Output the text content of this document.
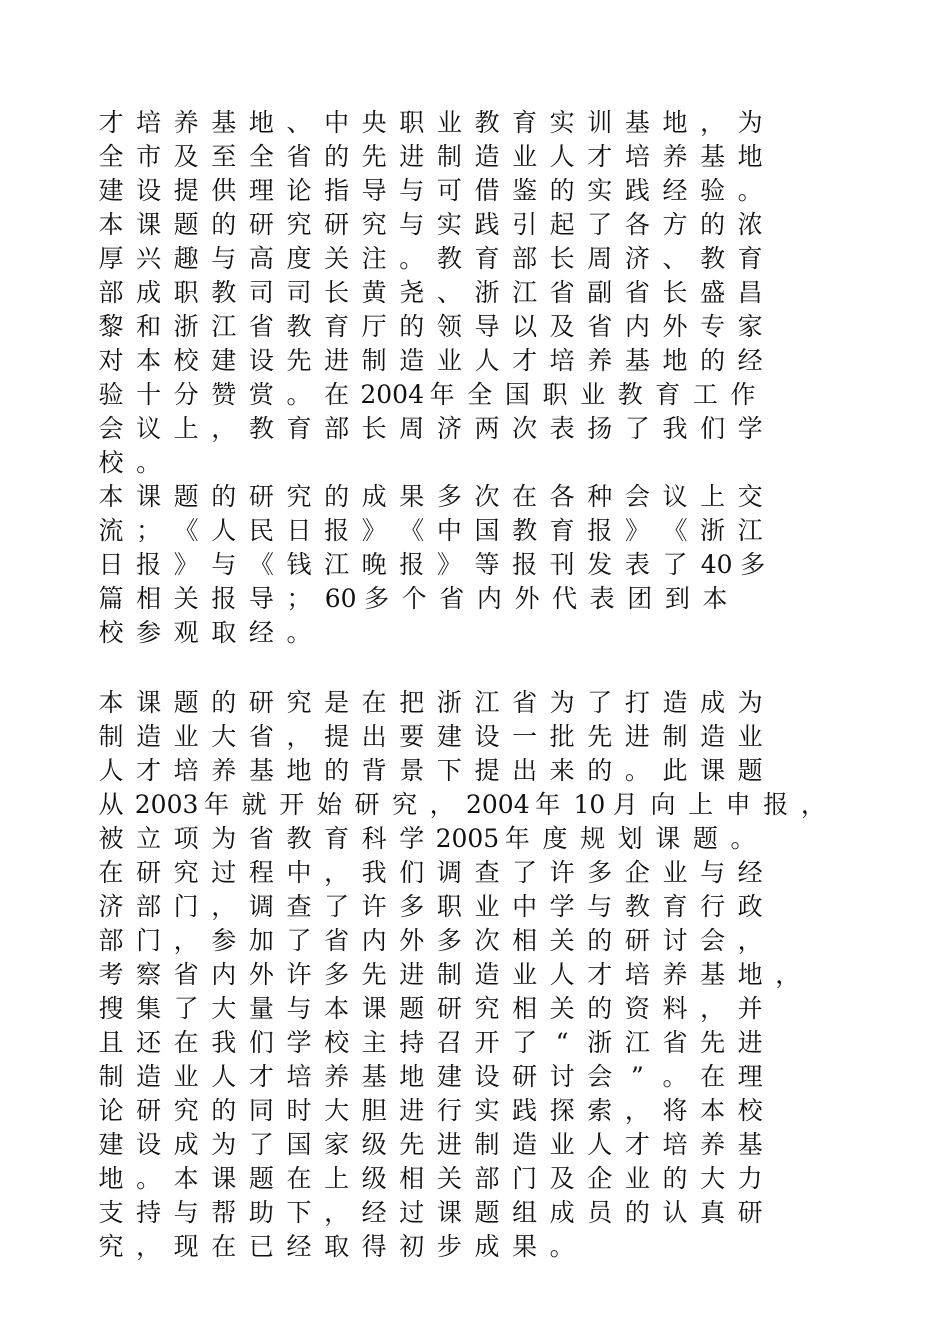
才 培 养 基 地 、 中 央 职 业 教 育 实 训 基 地 ， 为
全 市 及 至 全 省 的 先 进 制 造 业 人 才 培 养 基 地
建 设 提 供 理 论 指 导 与 可 借 鉴 的 实 践 经 验 。
本 课 题 的 研 究 研 究 与 实 践 引 起 了 各 方 的 浓
厚 兴 趣 与 高 度 关 注 。 教 育 部 长 周 济 、 教 育
部 成 职 教 司 司 长 黄 尧 、 浙 江 省 副 省 长 盛 昌
黎 和 浙 江 省 教 育 厅 的 领 导 以 及 省 内 外 专 家
对 本 校 建 设 先 进 制 造 业 人 才 培 养 基 地 的 经
验 十 分 赞 赏 。 在 2004 年 全 国 职 业 教 育 工 作
会 议 上 ， 教 育 部 长 周 济 两 次 表 扬 了 我 们 学
校 。
本 课 题 的 研 究 的 成 果 多 次 在 各 种 会 议 上 交
流 ； 《 人 民 日 报 》 《 中 国 教 育 报 》 《 浙 江
日 报 》 与 《 钱 江 晚 报 》 等 报 刊 发 表 了 40 多
篇 相 关 报 导 ； 60 多 个 省 内 外 代 表 团 到 本
校 参 观 取 经 。
本 课 题 的 研 究 是 在 把 浙 江 省 为 了 打 造 成 为
制 造 业 大 省 ， 提 出 要 建 设 一 批 先 进 制 造 业
人 才 培 养 基 地 的 背 景 下 提 出 来 的 。 此 课 题
从 2003 年 就 开 始 研 究 ， 2004 年 10 月 向 上 申 报 ，
被 立 项 为 省 教 育 科 学 2005 年 度 规 划 课 题 。
在 研 究 过 程 中 ， 我 们 调 查 了 许 多 企 业 与 经
济 部 门 ， 调 查 了 许 多 职 业 中 学 与 教 育 行 政
部 门 ， 参 加 了 省 内 外 多 次 相 关 的 研 讨 会 ，
考 察 省 内 外 许 多 先 进 制 造 业 人 才 培 养 基 地 ，
搜 集 了 大 量 与 本 课 题 研 究 相 关 的 资 料 ， 并
且 还 在 我 们 学 校 主 持 召 开 了 “ 浙 江 省 先 进
制 造 业 人 才 培 养 基 地 建 设 研 讨 会 ” 。 在 理
论 研 究 的 同 时 大 胆 进 行 实 践 探 索 ， 将 本 校
建 设 成 为 了 国 家 级 先 进 制 造 业 人 才 培 养 基
地 。 本 课 题 在 上 级 相 关 部 门 及 企 业 的 大 力
支 持 与 帮 助 下 ， 经 过 课 题 组 成 员 的 认 真 研
究 ， 现 在 已 经 取 得 初 步 成 果 。
